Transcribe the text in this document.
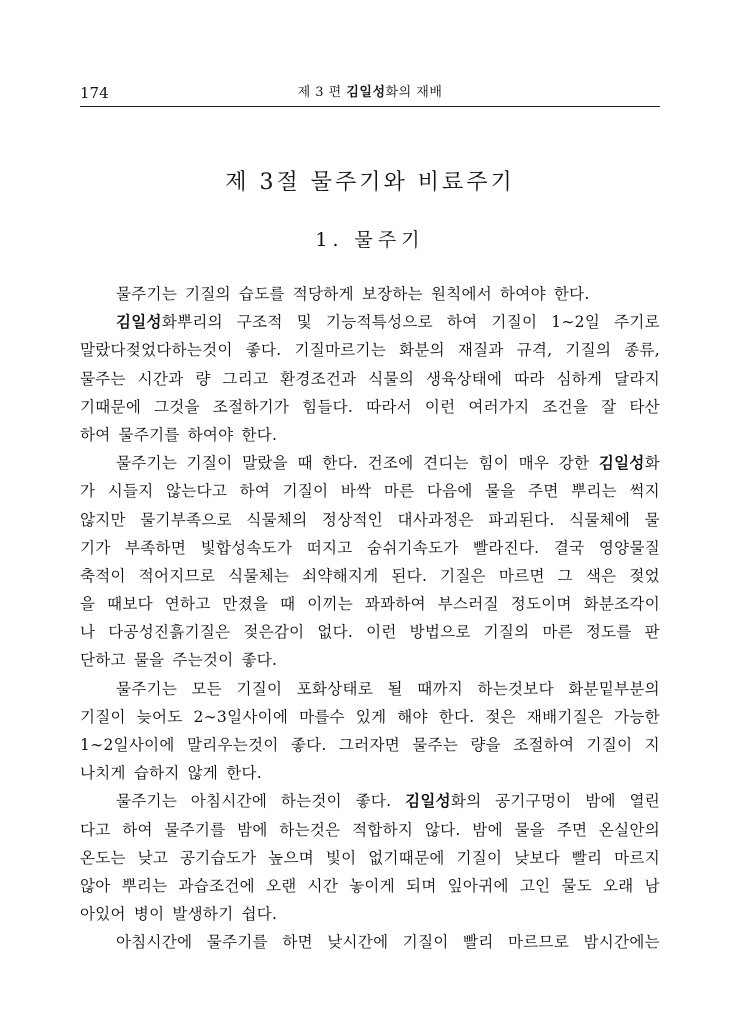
174	제 3 편 김일성화의 재배
제 3절 물주기와 비료주기
1. 물주기
물주기는 기질의 습도를 적당하게 보장하는 원칙에서 하여야 한다.
김일성화뿌리의 구조적 및 기능적특성으로 하여 기질이 1∼2일 주기로
말랐다젖었다하는것이 좋다. 기질마르기는 화분의 재질과 규격, 기질의 종류,
물주는 시간과 량 그리고 환경조건과 식물의 생육상태에 따라 심하게 달라지
기때문에 그것을 조절하기가 힘들다. 따라서 이런 여러가지 조건을 잘 타산
하여 물주기를 하여야 한다.
물주기는 기질이 말랐을 때 한다. 건조에 견디는 힘이 매우 강한 김일성화
가 시들지 않는다고 하여 기질이 바싹 마른 다음에 물을 주면 뿌리는 썩지
않지만 물기부족으로 식물체의 정상적인 대사과정은 파괴된다. 식물체에 물
기가 부족하면 빛합성속도가 떠지고 숨쉬기속도가 빨라진다. 결국 영양물질
축적이 적어지므로 식물체는 쇠약해지게 된다. 기질은 마르면 그 색은 젖었
을 때보다 연하고 만졌을 때 이끼는 꽈꽈하여 부스러질 정도이며 화분조각이
나 다공성진흙기질은 젖은감이 없다. 이런 방법으로 기질의 마른 정도를 판
단하고 물을 주는것이 좋다.
물주기는 모든 기질이 포화상태로 될 때까지 하는것보다 화분밑부분의
기질이 늦어도 2∼3일사이에 마를수 있게 해야 한다. 젖은 재배기질은 가능한
1∼2일사이에 말리우는것이 좋다. 그러자면 물주는 량을 조절하여 기질이 지
나치게 습하지 않게 한다.
물주기는 아침시간에 하는것이 좋다. 김일성화의 공기구멍이 밤에 열린
다고 하여 물주기를 밤에 하는것은 적합하지 않다. 밤에 물을 주면 온실안의
온도는 낮고 공기습도가 높으며 빛이 없기때문에 기질이 낮보다 빨리 마르지
않아 뿌리는 과습조건에 오랜 시간 놓이게 되며 잎아귀에 고인 물도 오래 남
아있어 병이 발생하기 쉽다.
아침시간에 물주기를 하면 낮시간에 기질이 빨리 마르므로 밤시간에는
